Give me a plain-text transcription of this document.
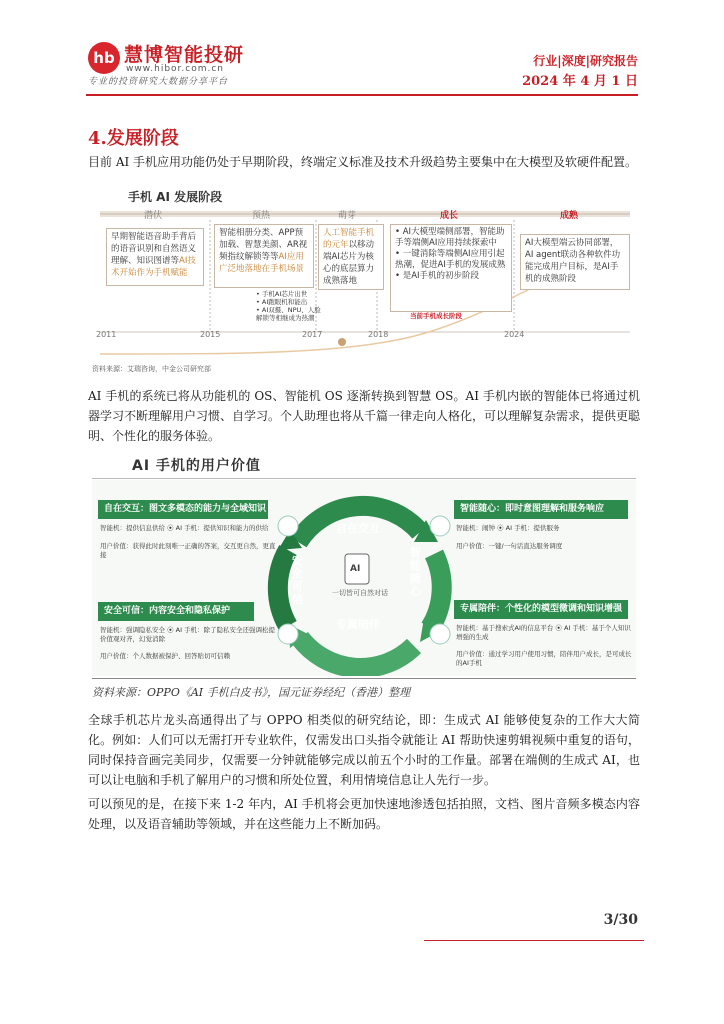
hb 慧博智能投研
www.hibor.com.cn
专业的投资研究大数据分享平台
行业|深度|研究报告
2024 年 4 月 1 日
4.发展阶段
目前 AI 手机应用功能仍处于早期阶段，终端定义标准及技术升级趋势主要集中在大模型及软硬件配置。
手机 AI 发展阶段
潜伏	预热	萌芽	成长	成熟
早期智能语音助手背后的语音识别和自然语义理解、知识图谱等AI技术开始作为手机赋能
智能相册分类、APP预加载、智慧美颜、AR视频指纹解锁等等AI应用广泛地落地在手机场景
人工智能手机的元年以移动端AI芯片为核心的底层算力成熟落地
• AI大模型端侧部署，智能助手等端侧AI应用持续探索中
• 一键消除等端侧AI应用引起热潮，促进AI手机的发展成熟
• 是AI手机的初步阶段
AI大模型端云协同部署，AI agent联动各种软件功能完成用户目标，是AI手机的成熟阶段
• 手机AI芯片出世
• AI跑眼机和能出
• AI双摄、NPU、人脸解锁等相继成为热潮	当前手机成长阶段
2011	2015	2017	2018	2024
资料来源：艾瑞咨询，中金公司研究部
AI 手机的系统已将从功能机的 OS、智能机 OS 逐渐转换到智慧 OS。AI 手机内嵌的智能体已将通过机器学习不断理解用户习惯、自学习。个人助理也将从千篇一律走向人格化，可以理解复杂需求，提供更聪明、个性化的服务体验。
AI 手机的用户价值
AI
一切皆可自然对话
自在交互
智能随心
专属陪伴
安全可信
自在交互：图文多模态的能力与全域知识
智能机：提供信息供给 ⦿ AI 手机：提供知识和能力的供给
用户价值：获得此时此刻唯一正确的答案，交互更自然，更直接
智能随心：即时意图理解和服务响应
智能机：闹钟 ⦿ AI 手机：提供服务
用户价值：一键/一句话直达服务调度
安全可信：内容安全和隐私保护
智能机：强调隐私安全 ⦿ AI 手机：除了隐私安全还强调松提价值观对齐，幻觉消除
用户价值：个人数据被保护、回答贴切可信赖
专属陪伴：个性化的模型微调和知识增强
智能机：基于搜索式AI的信息平台 ⦿ AI 手机：基于个人知识增强的生成
用户价值：通过学习用户使用习惯，陪伴用户成长，是可成长的AI手机
资料来源：OPPO《AI 手机白皮书》，国元证券经纪（香港）整理
全球手机芯片龙头高通得出了与 OPPO 相类似的研究结论，即：生成式 AI 能够使复杂的工作大大简化。例如：人们可以无需打开专业软件，仅需发出口头指令就能让 AI 帮助快速剪辑视频中重复的语句，同时保持音画完美同步，仅需要一分钟就能够完成以前五个小时的工作量。部署在端侧的生成式 AI，也可以让电脑和手机了解用户的习惯和所处位置，利用情境信息让人先行一步。
可以预见的是，在接下来 1-2 年内，AI 手机将会更加快速地渗透包括拍照，文档、图片音频多模态内容处理，以及语音辅助等领域，并在这些能力上不断加码。
3/30
